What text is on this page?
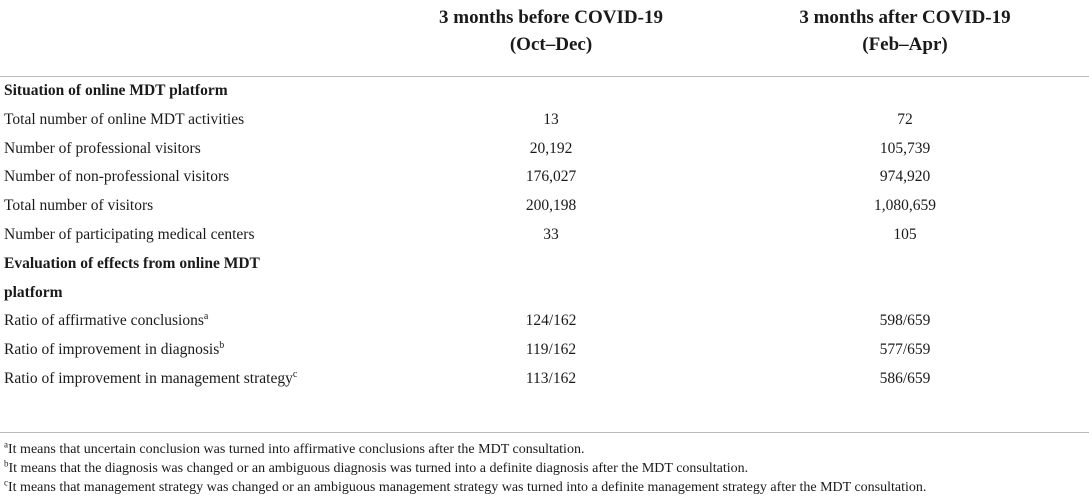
3 months before COVID-19
(Oct–Dec)
3 months after COVID-19
(Feb–Apr)
Situation of online MDT platform
Total number of online MDT activities	13	72
Number of professional visitors	20,192	105,739
Number of non-professional visitors	176,027	974,920
Total number of visitors	200,198	1,080,659
Number of participating medical centers	33	105
Evaluation of effects from online MDT platform
Ratio of affirmative conclusions$^a$	124/162	598/659
Ratio of improvement in diagnosis$^b$	119/162	577/659
Ratio of improvement in management strategy$^c$	113/162	586/659
$^a$It means that uncertain conclusion was turned into affirmative conclusions after the MDT consultation.
$^b$It means that the diagnosis was changed or an ambiguous diagnosis was turned into a definite diagnosis after the MDT consultation.
$^c$It means that management strategy was changed or an ambiguous management strategy was turned into a definite management strategy after the MDT consultation.
